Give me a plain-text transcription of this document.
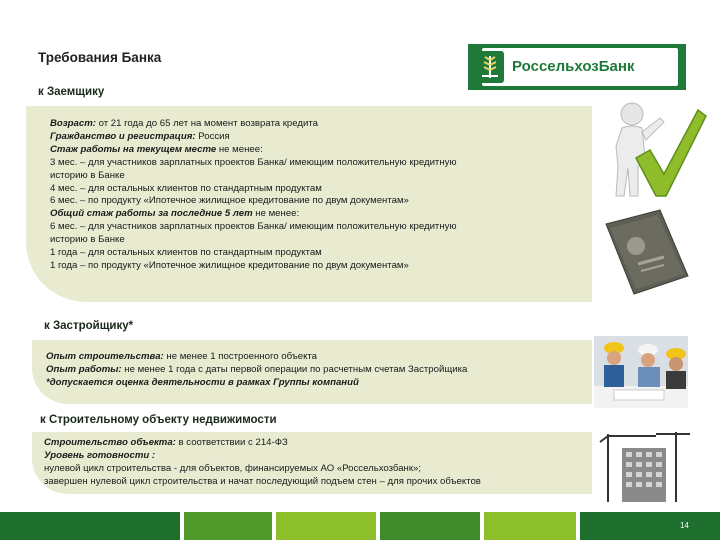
Требования Банка
РоссельхозБанк
к Заемщику
Возраст: от 21 года до 65 лет на момент возврата кредита
Гражданство и регистрация: Россия
Стаж работы на текущем месте не менее:
3 мес. – для участников зарплатных проектов Банка/ имеющим положительную кредитную
историю в Банке
4 мес. – для остальных клиентов по стандартным продуктам
6 мес. – по продукту «Ипотечное жилищное кредитование по двум документам»
Общий стаж работы за последние 5 лет не менее:
6 мес. – для участников зарплатных проектов Банка/ имеющим положительную кредитную
историю в Банке
1 года – для остальных клиентов по стандартным продуктам
1 года – по продукту «Ипотечное жилищное кредитование по двум документам»
к Застройщику*
Опыт строительства: не менее 1 построенного объекта
Опыт работы: не менее 1 года с даты первой операции по расчетным счетам Застройщика
*допускается оценка деятельности в рамках Группы компаний
к Строительному объекту недвижимости
Строительство объекта: в соответствии с 214-ФЗ
Уровень готовности :
нулевой цикл строительства - для объектов, финансируемых АО «Россельхозбанк»;
завершен нулевой цикл строительства и начат последующий подъем стен – для прочих объектов
14
